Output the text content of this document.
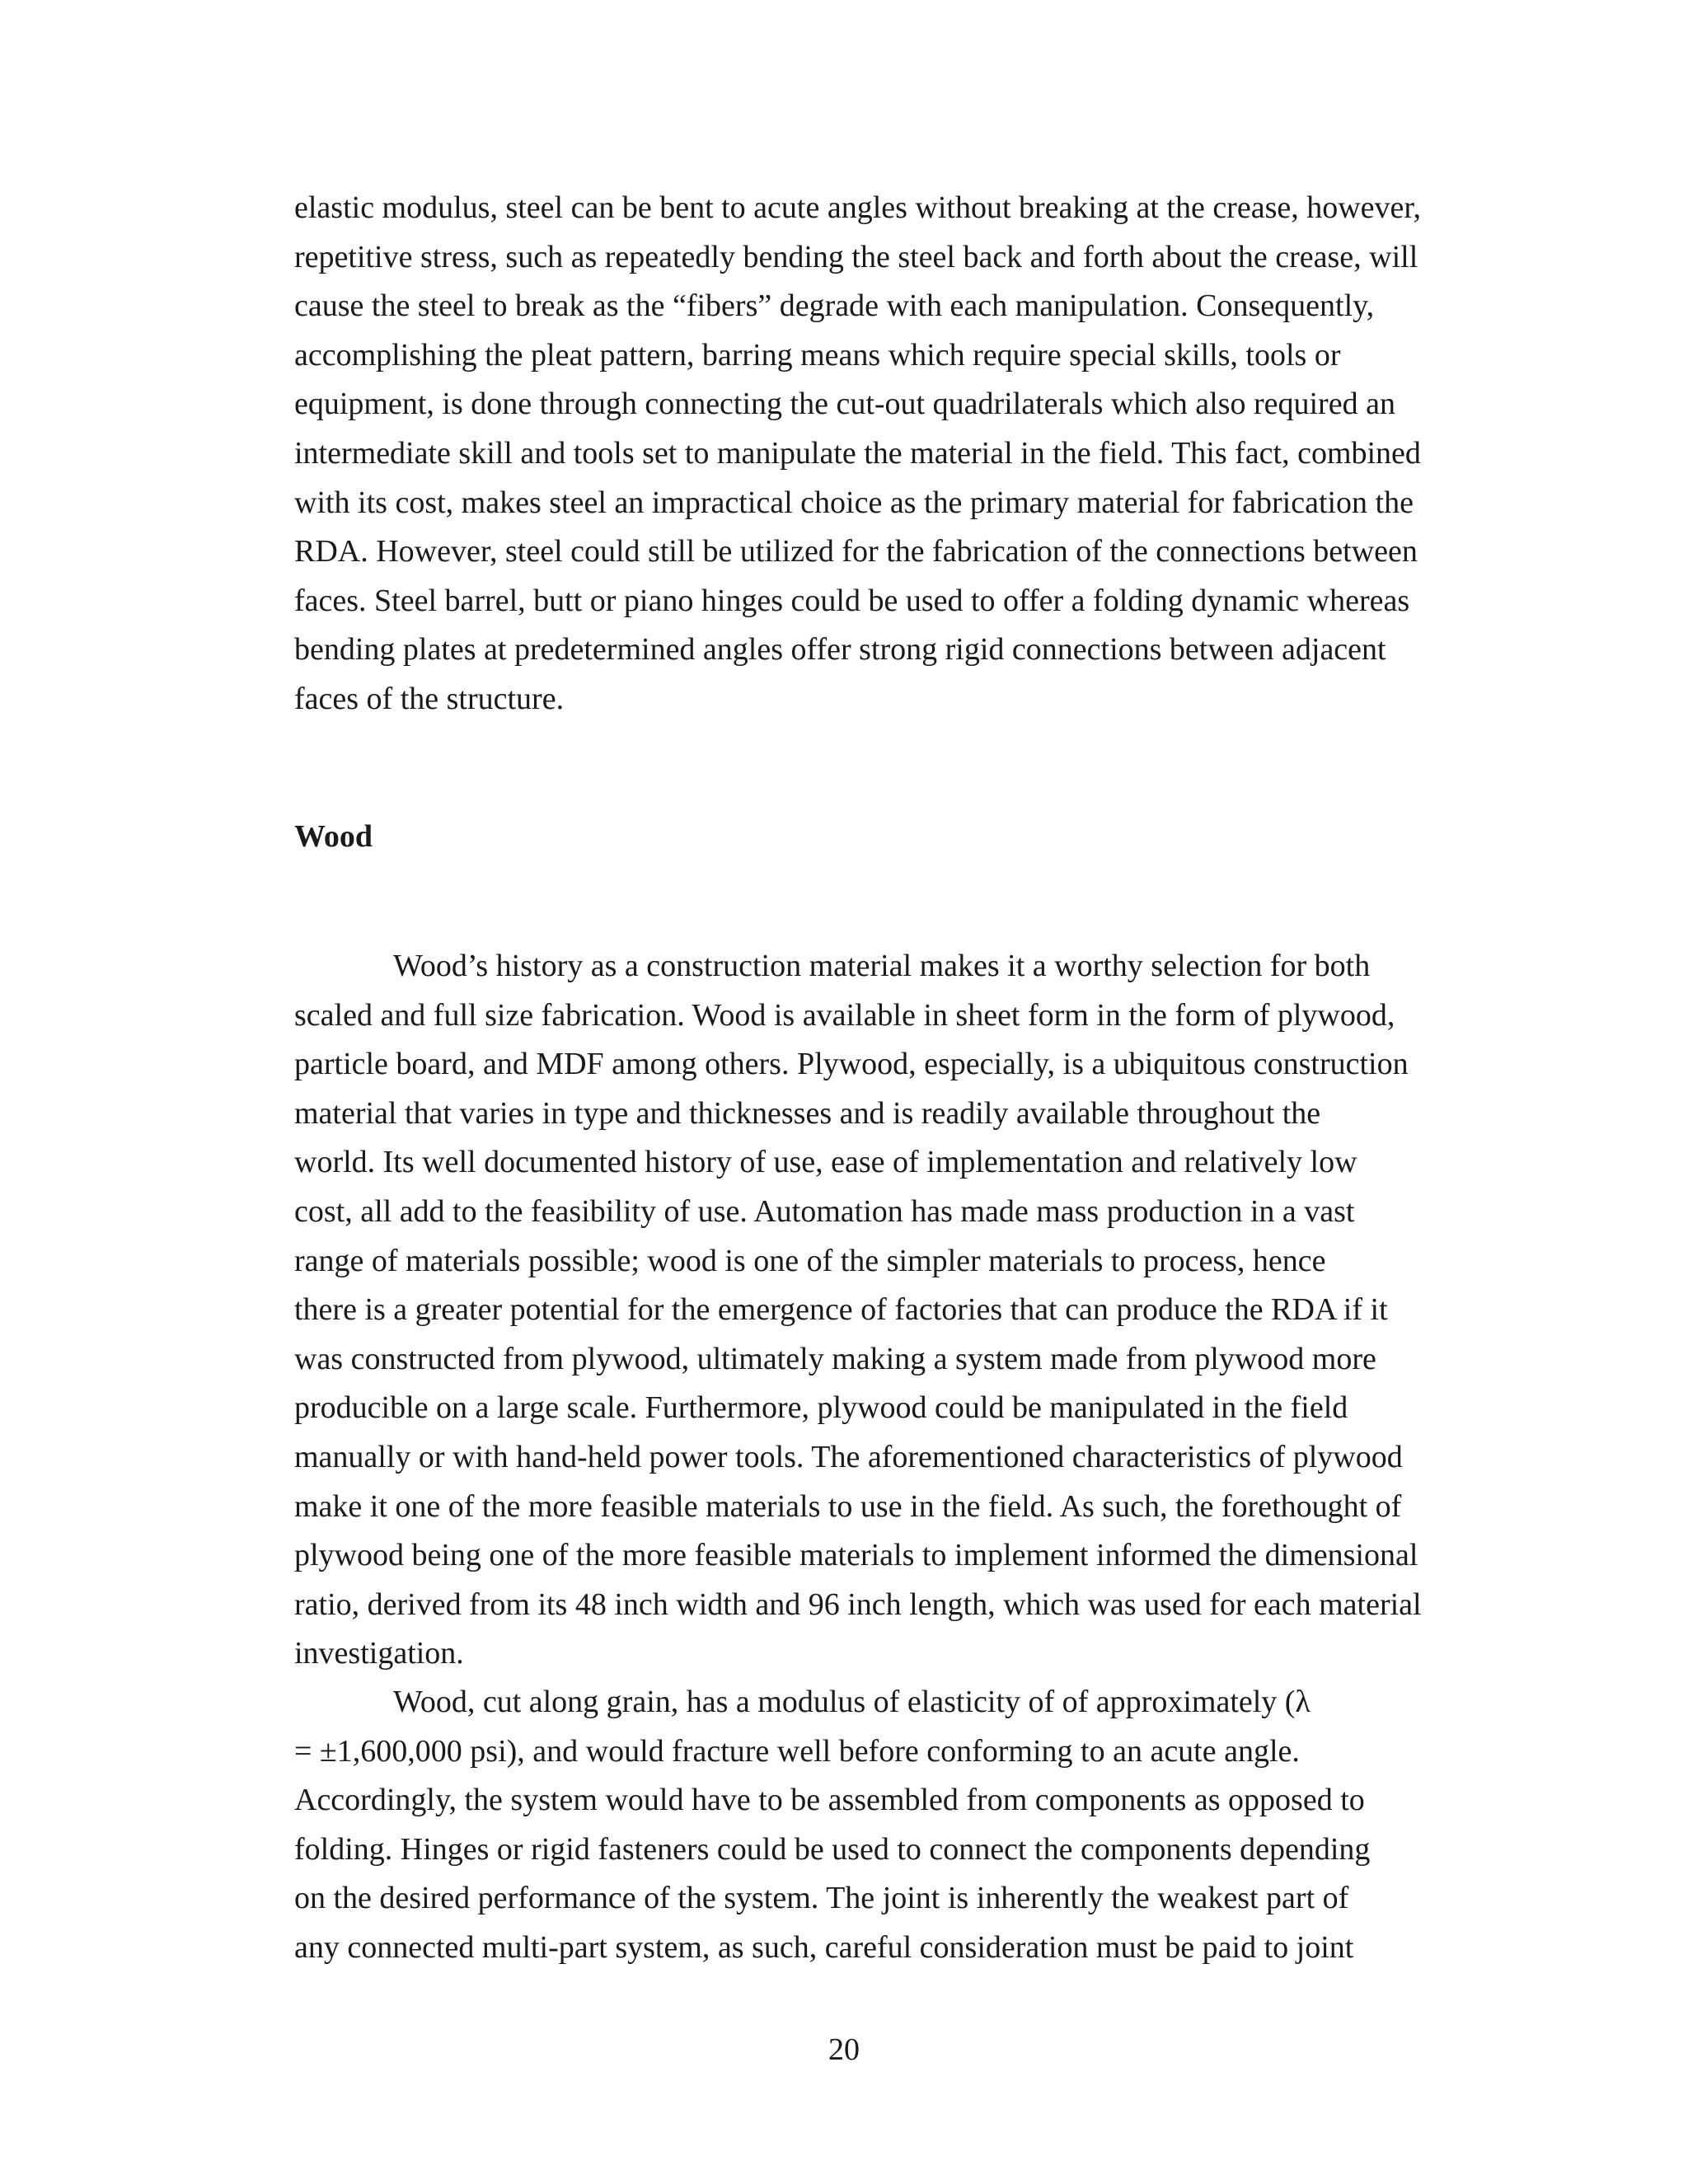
elastic modulus, steel can be bent to acute angles without breaking at the crease, however,
repetitive stress, such as repeatedly bending the steel back and forth about the crease, will
cause the steel to break as the “fibers” degrade with each manipulation. Consequently,
accomplishing the pleat pattern, barring means which require special skills, tools or
equipment, is done through connecting the cut-out quadrilaterals which also required an
intermediate skill and tools set to manipulate the material in the field. This fact, combined
with its cost, makes steel an impractical choice as the primary material for fabrication the
RDA. However, steel could still be utilized for the fabrication of the connections between
faces. Steel barrel, butt or piano hinges could be used to offer a folding dynamic whereas
bending plates at predetermined angles offer strong rigid connections between adjacent
faces of the structure.
Wood
Wood’s history as a construction material makes it a worthy selection for both
scaled and full size fabrication. Wood is available in sheet form in the form of plywood,
particle board, and MDF among others. Plywood, especially, is a ubiquitous construction
material that varies in type and thicknesses and is readily available throughout the
world. Its well documented history of use, ease of implementation and relatively low
cost, all add to the feasibility of use. Automation has made mass production in a vast
range of materials possible; wood is one of the simpler materials to process, hence
there is a greater potential for the emergence of factories that can produce the RDA if it
was constructed from plywood, ultimately making a system made from plywood more
producible on a large scale. Furthermore, plywood could be manipulated in the field
manually or with hand-held power tools. The aforementioned characteristics of plywood
make it one of the more feasible materials to use in the field. As such, the forethought of
plywood being one of the more feasible materials to implement informed the dimensional
ratio, derived from its 48 inch width and 96 inch length, which was used for each material
investigation.
Wood, cut along grain, has a modulus of elasticity of of approximately (λ
= ±1,600,000 psi), and would fracture well before conforming to an acute angle.
Accordingly, the system would have to be assembled from components as opposed to
folding. Hinges or rigid fasteners could be used to connect the components depending
on the desired performance of the system. The joint is inherently the weakest part of
any connected multi-part system, as such, careful consideration must be paid to joint
20
